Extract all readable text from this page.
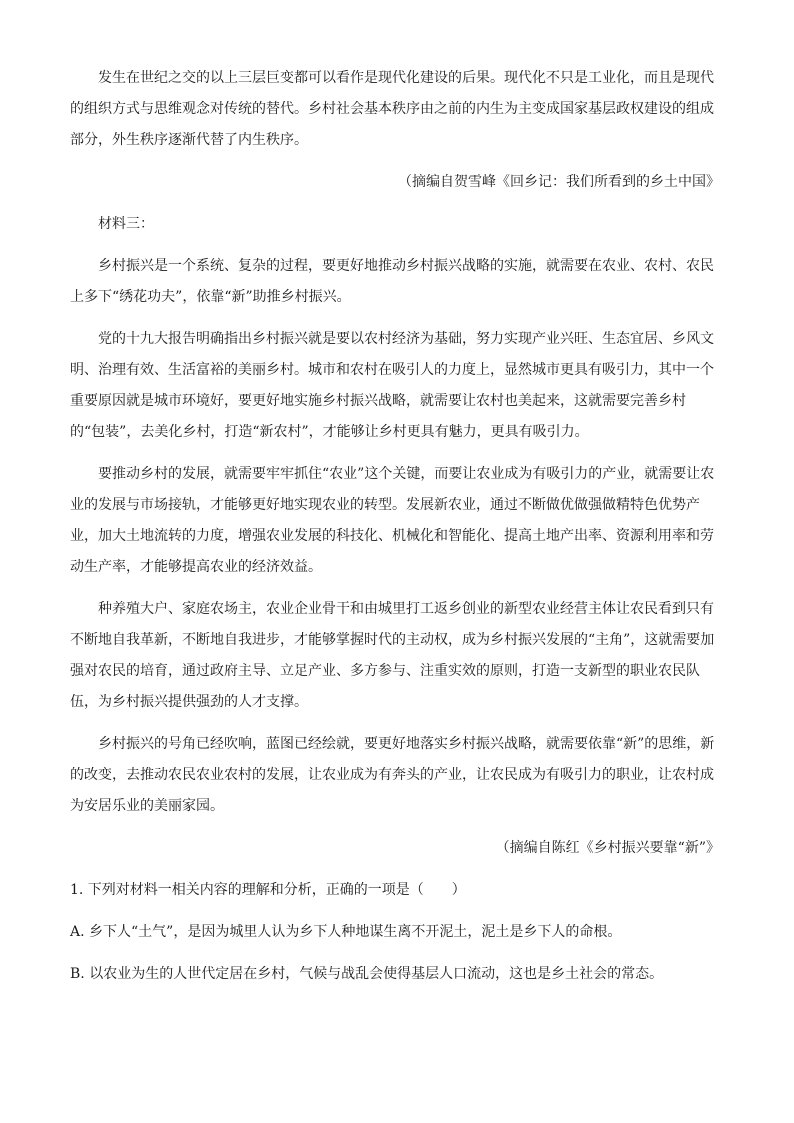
发生在世纪之交的以上三层巨变都可以看作是现代化建设的后果。现代化不只是工业化，而且是现代的组织方式与思维观念对传统的替代。乡村社会基本秩序由之前的内生为主变成国家基层政权建设的组成部分，外生秩序逐渐代替了内生秩序。

（摘编自贺雪峰《回乡记：我们所看到的乡土中国》

材料三：

乡村振兴是一个系统、复杂的过程，要更好地推动乡村振兴战略的实施，就需要在农业、农村、农民上多下“绣花功夫”，依靠“新”助推乡村振兴。

党的十九大报告明确指出乡村振兴就是要以农村经济为基础，努力实现产业兴旺、生态宜居、乡风文明、治理有效、生活富裕的美丽乡村。城市和农村在吸引人的力度上，显然城市更具有吸引力，其中一个重要原因就是城市环境好，要更好地实施乡村振兴战略，就需要让农村也美起来，这就需要完善乡村的“包装”，去美化乡村，打造“新农村”，才能够让乡村更具有魅力，更具有吸引力。

要推动乡村的发展，就需要牢牢抓住“农业”这个关键，而要让农业成为有吸引力的产业，就需要让农业的发展与市场接轨，才能够更好地实现农业的转型。发展新农业，通过不断做优做强做精特色优势产业，加大土地流转的力度，增强农业发展的科技化、机械化和智能化、提高土地产出率、资源利用率和劳动生产率，才能够提高农业的经济效益。

种养殖大户、家庭农场主，农业企业骨干和由城里打工返乡创业的新型农业经营主体让农民看到只有不断地自我革新，不断地自我进步，才能够掌握时代的主动权，成为乡村振兴发展的“主角”，这就需要加强对农民的培育，通过政府主导、立足产业、多方参与、注重实效的原则，打造一支新型的职业农民队伍，为乡村振兴提供强劲的人才支撑。

乡村振兴的号角已经吹响，蓝图已经绘就，要更好地落实乡村振兴战略，就需要依靠“新”的思维，新的改变，去推动农民农业农村的发展，让农业成为有奔头的产业，让农民成为有吸引力的职业，让农村成为安居乐业的美丽家园。

（摘编自陈红《乡村振兴要靠“新”》

1. 下列对材料一相关内容的理解和分析，正确的一项是（　　）

A. 乡下人“土气”，是因为城里人认为乡下人种地谋生离不开泥土，泥土是乡下人的命根。

B. 以农业为生的人世代定居在乡村，气候与战乱会使得基层人口流动，这也是乡土社会的常态。
